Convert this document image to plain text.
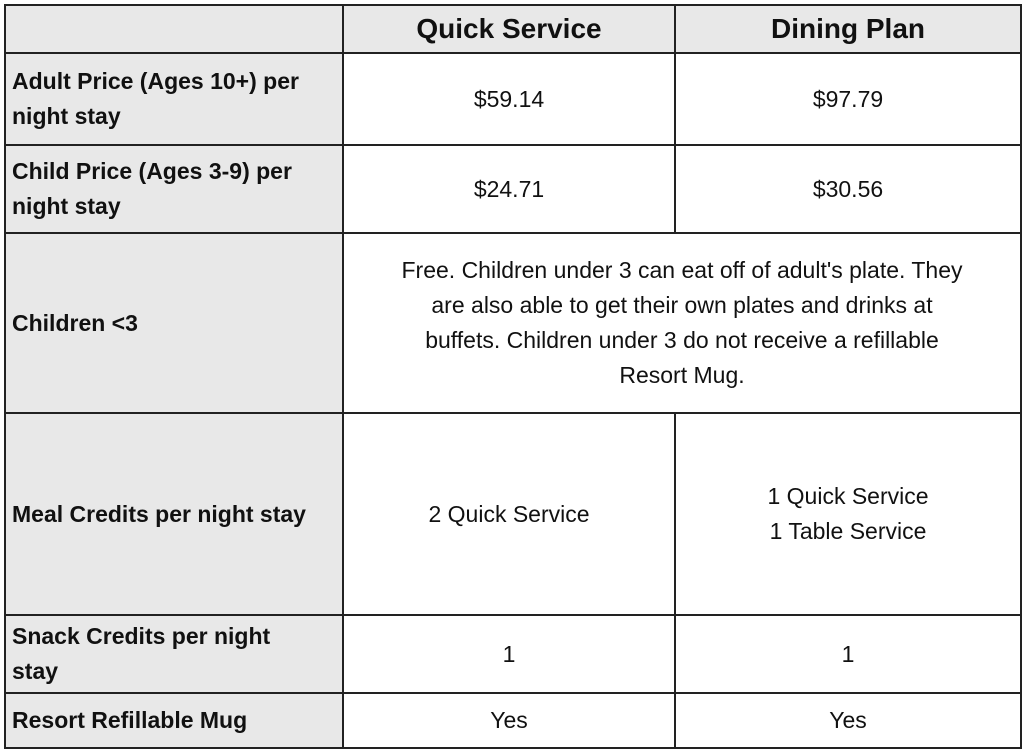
	Quick Service	Dining Plan

Adult Price (Ages 10+) per
night stay	$59.14	$97.79

Child Price (Ages 3-9) per
night stay	$24.71	$30.56
Children <3	Free. Children under 3 can eat off of adult's plate. They
are also able to get their own plates and drinks at
buffets. Children under 3 do not receive a refillable
Resort Mug.	

Meal Credits per night stay	2 Quick Service	1 Quick Service
1 Table Service

Snack Credits per night
stay	1	1
Resort Refillable Mug	Yes	Yes
